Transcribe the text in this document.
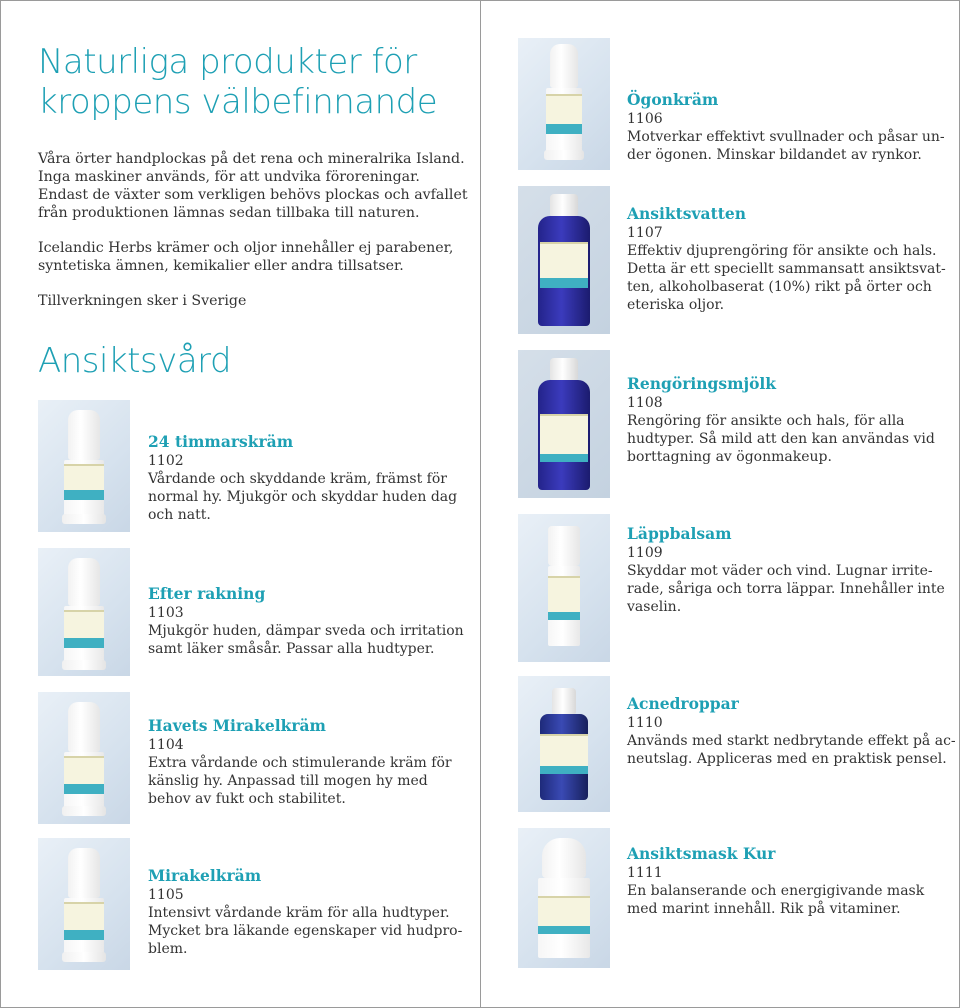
Naturliga produkter för
kroppens välbefinnande

Våra örter handplockas på det rena och mineralrika Island.
Inga maskiner används, för att undvika föroreningar.
Endast de växter som verkligen behövs plockas och avfallet
från produktionen lämnas sedan tillbaka till naturen.

Icelandic Herbs krämer och oljor innehåller ej parabener,
syntetiska ämnen, kemikalier eller andra tillsatser.

Tillverkningen sker i Sverige

Ansiktsvård
24 timmarskräm
1102
Vårdande och skyddande kräm, främst för
normal hy. Mjukgör och skyddar huden dag
och natt.
Efter rakning
1103
Mjukgör huden, dämpar sveda och irritation
samt läker småsår. Passar alla hudtyper.
Havets Mirakelkräm
1104
Extra vårdande och stimulerande kräm för
känslig hy. Anpassad till mogen hy med
behov av fukt och stabilitet.
Mirakelkräm
1105
Intensivt vårdande kräm för alla hudtyper.
Mycket bra läkande egenskaper vid hudpro-
blem.
Ögonkräm
1106
Motverkar effektivt svullnader och påsar un-
der ögonen. Minskar bildandet av rynkor.
Ansiktsvatten
1107
Effektiv djuprengöring för ansikte och hals.
Detta är ett speciellt sammansatt ansiktsvat-
ten, alkoholbaserat (10%) rikt på örter och
eteriska oljor.
Rengöringsmjölk
1108
Rengöring för ansikte och hals, för alla
hudtyper. Så mild att den kan användas vid
borttagning av ögonmakeup.
Läppbalsam
1109
Skyddar mot väder och vind. Lugnar irrite-
rade, såriga och torra läppar. Innehåller inte
vaselin.
Acnedroppar
1110
Används med starkt nedbrytande effekt på ac-
neutslag. Appliceras med en praktisk pensel.
Ansiktsmask Kur
1111
En balanserande och energigivande mask
med marint innehåll. Rik på vitaminer.
